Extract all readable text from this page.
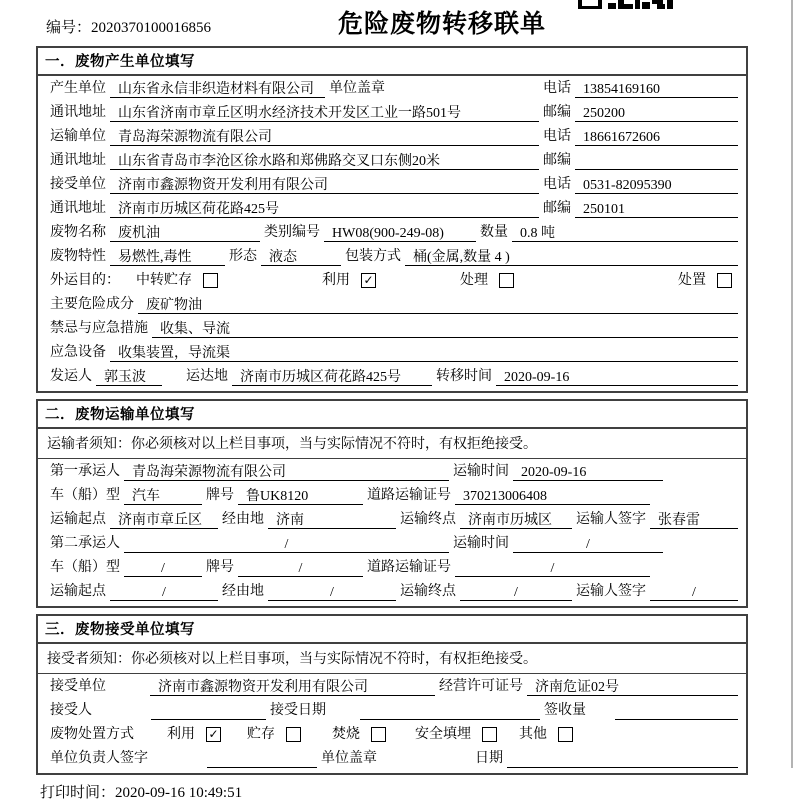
编号：2020370100016856	危险废物转移联单
一．废物产生单位填写
产生单位 山东省永信非织造材料有限公司	单位盖章	电话 13854169160
通讯地址 山东省济南市章丘区明水经济技术开发区工业一路501号	邮编 250200
运输单位 青岛海荣源物流有限公司	电话 18661672606
通讯地址 山东省青岛市李沧区徐水路和郑佛路交叉口东侧20米	邮编
接受单位 济南市鑫源物资开发利用有限公司	电话 0531-82095390
通讯地址 济南市历城区荷花路425号	邮编 250101
废物名称 废机油	类别编号 HW08(900-249-08)	数量 0.8 吨
废物特性 易燃性,毒性	形态 液态	包装方式 桶(金属,数量 4 )
外运目的： 中转贮存	利用 ✓	处理	处置
主要危险成分 废矿物油
禁忌与应急措施 收集、导流
应急设备 收集装置，导流渠
发运人 郭玉波	运达地 济南市历城区荷花路425号	转移时间 2020-09-16
二．废物运输单位填写
运输者须知：你必须核对以上栏目事项，当与实际情况不符时，有权拒绝接受。
第一承运人 青岛海荣源物流有限公司	运输时间 2020-09-16
车（船）型 汽车	牌号 鲁UK8120	道路运输证号 370213006408
运输起点 济南市章丘区	经由地 济南	运输终点 济南市历城区	运输人签字 张春雷
第二承运人	/	运输时间	/
车（船）型	/	牌号	/	道路运输证号	/
运输起点	/	经由地	/	运输终点	/	运输人签字	/
三．废物接受单位填写
接受者须知：你必须核对以上栏目事项，当与实际情况不符时，有权拒绝接受。
接受单位	济南市鑫源物资开发利用有限公司	经营许可证号 济南危证02号
接受人	接受日期	签收量
废物处置方式 利用 ✓ 贮存	焚烧	安全填埋	其他
单位负责人签字	单位盖章	日期
打印时间：2020-09-16 10:49:51
